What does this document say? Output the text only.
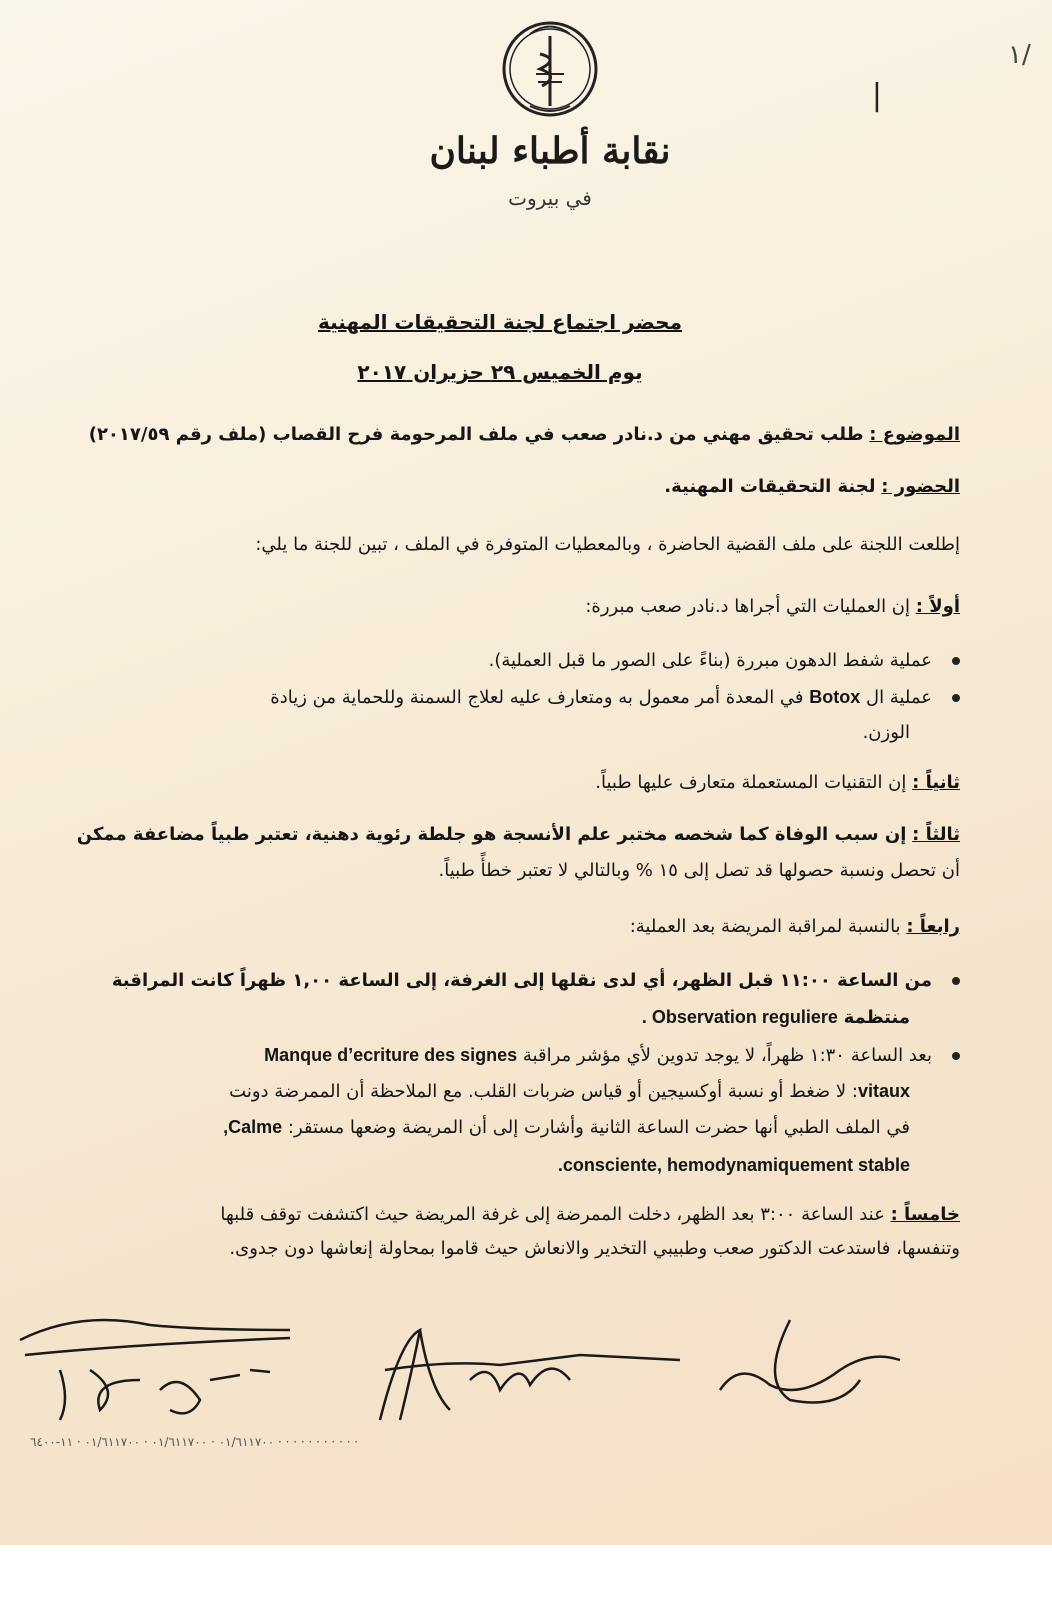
نقابة أطباء لبنان
في بيروت
|
محضر اجتماع لجنة التحقيقات المهنية
يوم الخميس ٢٩ حزيران ٢٠١٧
الموضوع : طلب تحقيق مهني من د.نادر صعب في ملف المرحومة فرح القصاب (ملف رقم ٢٠١٧/٥٩)
الحضور : لجنة التحقيقات المهنية.
إطلعت اللجنة على ملف القضية الحاضرة ، وبالمعطيات المتوفرة في الملف ، تبين للجنة ما يلي:
أولاً : إن العمليات التي أجراها د.نادر صعب مبررة:
عملية شفط الدهون مبررة (بناءً على الصور ما قبل العملية).
عملية ال Botox في المعدة أمر معمول به ومتعارف عليه لعلاج السمنة وللحماية من زيادة
الوزن.
ثانياً : إن التقنيات المستعملة متعارف عليها طبياً.
ثالثاً : إن سبب الوفاة كما شخصه مختبر علم الأنسجة هو جلطة رئوية دهنية، تعتبر طبياً مضاعفة ممكن
أن تحصل ونسبة حصولها قد تصل إلى ١٥ % وبالتالي لا تعتبر خطأً طبياً.
رابعاً : بالنسبة لمراقبة المريضة بعد العملية:
من الساعة ١١:٠٠ قبل الظهر، أي لدى نقلها إلى الغرفة، إلى الساعة ١,٠٠ ظهراً كانت المراقبة
منتظمة Observation reguliere .
بعد الساعة ١:٣٠ ظهراً، لا يوجد تدوين لأي مؤشر مراقبة Manque d’ecriture des signes
vitaux: لا ضغط أو نسبة أوكسيجين أو قياس ضربات القلب. مع الملاحظة أن الممرضة دونت
في الملف الطبي أنها حضرت الساعة الثانية وأشارت إلى أن المريضة وضعها مستقر: Calme,
consciente, hemodynamiquement stable.
خامساً : عند الساعة ٣:٠٠ بعد الظهر، دخلت الممرضة إلى غرفة المريضة حيث اكتشفت توقف قلبها
وتنفسها، فاستدعت الدكتور صعب وطبيبي التخدير والانعاش حيث قاموا بمحاولة إنعاشها دون جدوى.
١/
٠١/٦١١٧٠٠ · ٠١/٦١١٧٠٠ · ٠١/٦١١٧٠٠ · ١١-٦٤٠٠ · · · · · · · · · · ·
